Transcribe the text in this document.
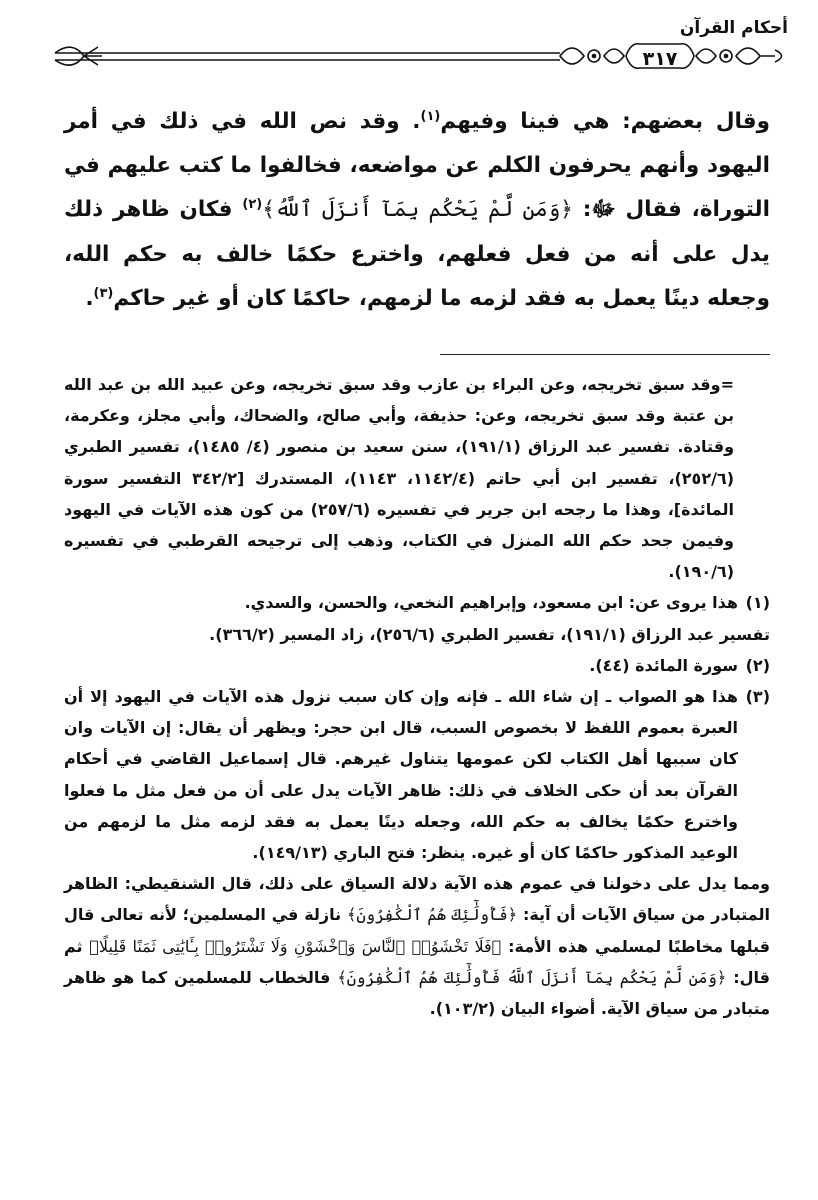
أحكام القرآن
٣١٧

وقال بعضهم: هي فينا وفيهم$^{(١)}$. وقد نص الله في ذلك في أمر اليهود وأنهم يحرفون الكلم عن مواضعه، فخالفوا ما كتب عليهم في التوراة، فقال ﷻ: ﴿وَمَن لَّمْ يَحْكُم بِمَآ أَنزَلَ ٱللَّهُ﴾$^{(٢)}$ فكان ظاهر ذلك يدل على أنه من فعل فعلهم، واخترع حكمًا خالف به حكم الله، وجعله دينًا يعمل به فقد لزمه ما لزمهم، حاكمًا كان أو غير حاكم$^{(٣)}$.

=وقد سبق تخريجه، وعن البراء بن عازب وقد سبق تخريجه، وعن عبيد الله بن عبد الله بن عتبة وقد سبق تخريجه، وعن: حذيفة، وأبي صالح، والضحاك، وأبي مجلز، وعكرمة، وقتادة. تفسير عبد الرزاق (١٩١/١)، سنن سعيد بن منصور (٤/ ١٤٨٥)، تفسير الطبري (٢٥٢/٦)، تفسير ابن أبي حاتم (١١٤٢/٤، ١١٤٣)، المستدرك [٣٤٢/٢ التفسير سورة المائدة]، وهذا ما رجحه ابن جرير في تفسيره (٢٥٧/٦) من كون هذه الآيات في اليهود وفيمن جحد حكم الله المنزل في الكتاب، وذهب إلى ترجيحه القرطبي في تفسيره (١٩٠/٦).

(١)
هذا يروى عن: ابن مسعود، وإبراهيم النخعي، والحسن، والسدي.
تفسير عبد الرزاق (١٩١/١)، تفسير الطبري (٢٥٦/٦)، زاد المسير (٣٦٦/٢).
(٢)
سورة المائدة (٤٤).
(٣)
هذا هو الصواب ـ إن شاء الله ـ فإنه وإن كان سبب نزول هذه الآيات في اليهود إلا أن العبرة بعموم اللفظ لا بخصوص السبب، قال ابن حجر: ويظهر أن يقال: إن الآيات وان كان سببها أهل الكتاب لكن عمومها يتناول غيرهم. قال إسماعيل القاضي في أحكام القرآن بعد أن حكى الخلاف في ذلك: ظاهر الآيات يدل على أن من فعل مثل ما فعلوا واخترع حكمًا يخالف به حكم الله، وجعله دينًا يعمل به فقد لزمه مثل ما لزمهم من الوعيد المذكور حاكمًا كان أو غيره. ينظر: فتح الباري (١٤٩/١٣).

ومما يدل على دخولنا في عموم هذه الآية دلالة السياق على ذلك، قال الشنقيطي: الظاهر المتبادر من سياق الآيات أن آية: ﴿فَأُولَٰٓئِكَ هُمُ ٱلْكَٰفِرُونَ﴾ نازلة في المسلمين؛ لأنه تعالى قال قبلها مخاطبًا لمسلمي هذه الأمة: ﴿فَلَا تَخْشَوُا۟ ٱلنَّاسَ وَٱخْشَوْنِ وَلَا تَشْتَرُوا۟ بِـَٔايَٰتِى ثَمَنًا قَلِيلًا﴾ ثم قال: ﴿وَمَن لَّمْ يَحْكُم بِمَآ أَنزَلَ ٱللَّهُ فَأُولَٰٓئِكَ هُمُ ٱلْكَٰفِرُونَ﴾ فالخطاب للمسلمين كما هو ظاهر متبادر من سياق الآية. أضواء البيان (١٠٣/٢).
